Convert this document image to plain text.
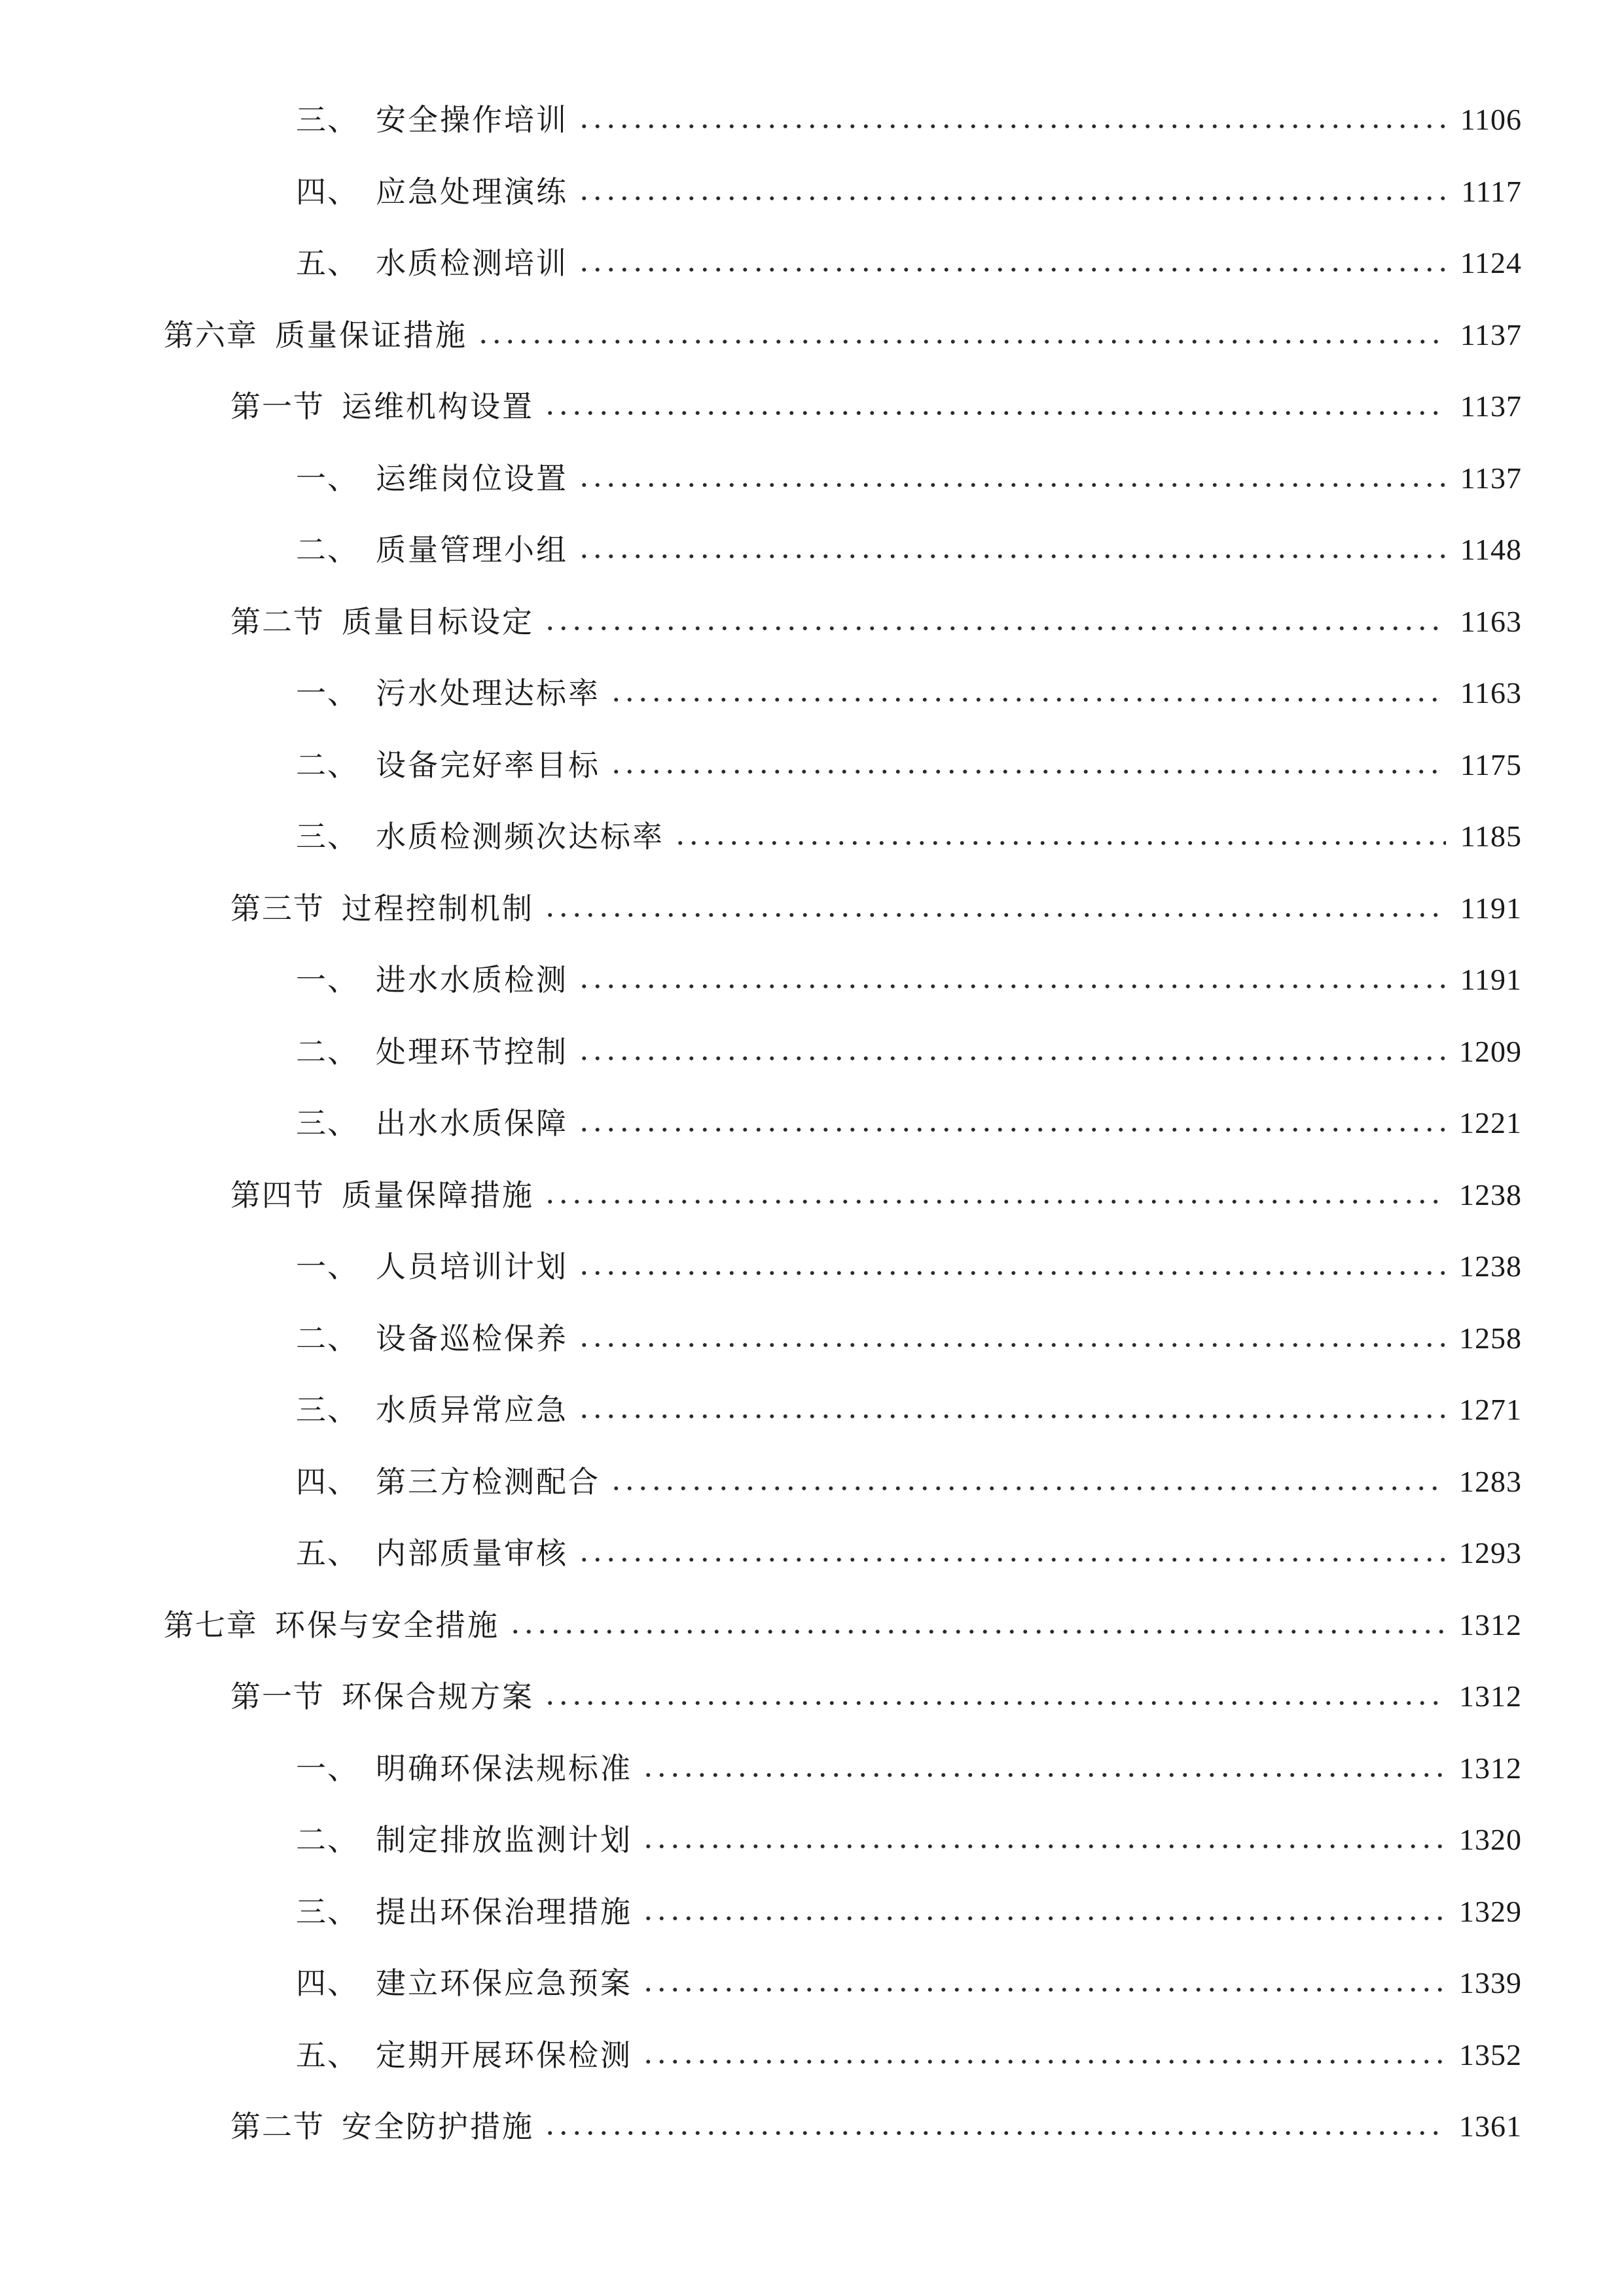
三、 安全操作培训	1106
四、 应急处理演练	1117
五、 水质检测培训	1124
第六章 质量保证措施	1137
第一节 运维机构设置	1137
一、 运维岗位设置	1137
二、 质量管理小组	1148
第二节 质量目标设定	1163
一、 污水处理达标率	1163
二、 设备完好率目标	1175
三、 水质检测频次达标率	1185
第三节 过程控制机制	1191
一、 进水水质检测	1191
二、 处理环节控制	1209
三、 出水水质保障	1221
第四节 质量保障措施	1238
一、 人员培训计划	1238
二、 设备巡检保养	1258
三、 水质异常应急	1271
四、 第三方检测配合	1283
五、 内部质量审核	1293
第七章 环保与安全措施	1312
第一节 环保合规方案	1312
一、 明确环保法规标准	1312
二、 制定排放监测计划	1320
三、 提出环保治理措施	1329
四、 建立环保应急预案	1339
五、 定期开展环保检测	1352
第二节 安全防护措施	1361
